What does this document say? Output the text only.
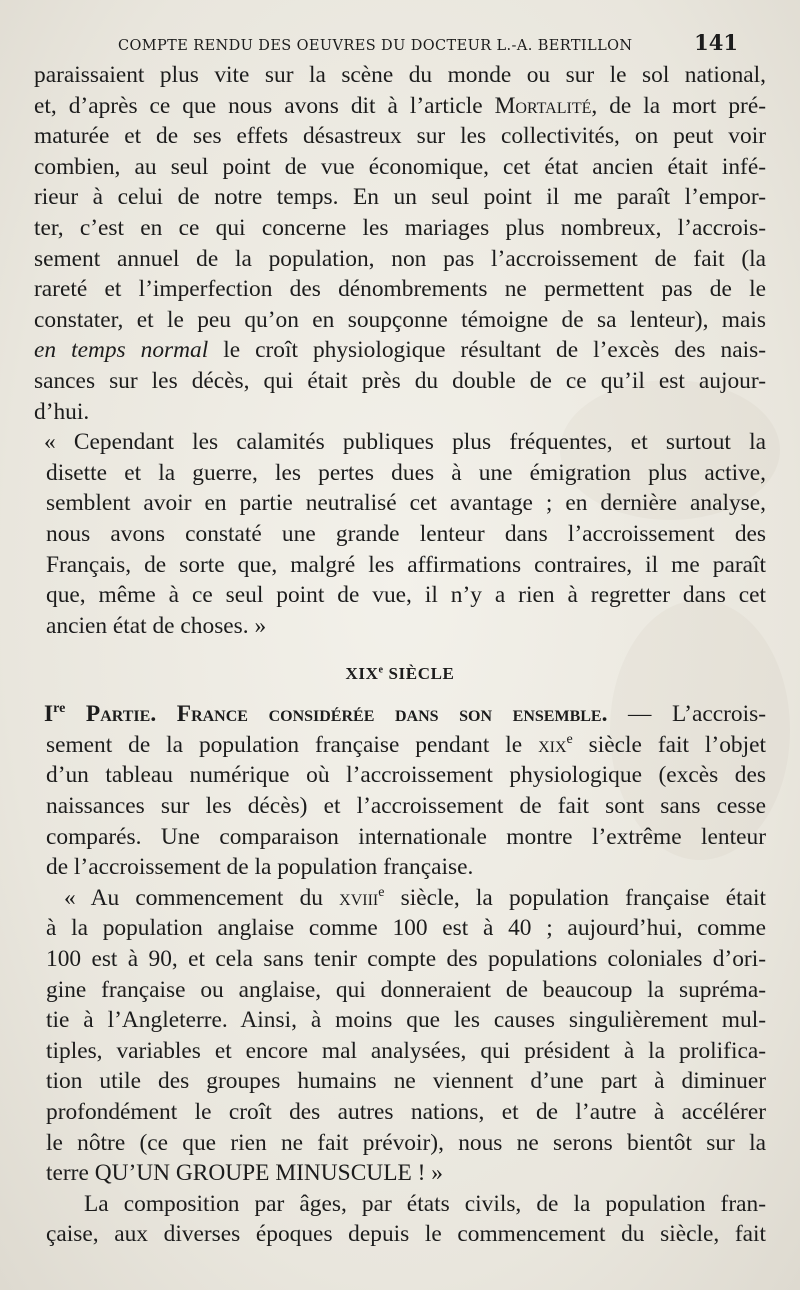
COMPTE RENDU DES OEUVRES DU DOCTEUR L.-A. BERTILLON	141
paraissaient plus vite sur la scène du monde ou sur le sol national,
et, d’après ce que nous avons dit à l’article Mortalité, de la mort pré-
maturée et de ses effets désastreux sur les collectivités, on peut voir
combien, au seul point de vue économique, cet état ancien était infé-
rieur à celui de notre temps. En un seul point il me paraît l’empor-
ter, c’est en ce qui concerne les mariages plus nombreux, l’accrois-
sement annuel de la population, non pas l’accroissement de fait (la
rareté et l’imperfection des dénombrements ne permettent pas de le
constater, et le peu qu’on en soupçonne témoigne de sa lenteur), mais
en temps normal le croît physiologique résultant de l’excès des nais-
sances sur les décès, qui était près du double de ce qu’il est aujour-
d’hui.
« Cependant les calamités publiques plus fréquentes, et surtout la
disette et la guerre, les pertes dues à une émigration plus active,
semblent avoir en partie neutralisé cet avantage ; en dernière analyse,
nous avons constaté une grande lenteur dans l’accroissement des
Français, de sorte que, malgré les affirmations contraires, il me paraît
que, même à ce seul point de vue, il n’y a rien à regretter dans cet
ancien état de choses. »
XIXe SIÈCLE
Ire Partie. France considérée dans son ensemble. — L’accrois-
sement de la population française pendant le xix$^e$ siècle fait l’objet
d’un tableau numérique où l’accroissement physiologique (excès des
naissances sur les décès) et l’accroissement de fait sont sans cesse
comparés. Une comparaison internationale montre l’extrême lenteur
de l’accroissement de la population française.
« Au commencement du xviii$^e$ siècle, la population française était
à la population anglaise comme 100 est à 40 ; aujourd’hui, comme
100 est à 90, et cela sans tenir compte des populations coloniales d’ori-
gine française ou anglaise, qui donneraient de beaucoup la supréma-
tie à l’Angleterre. Ainsi, à moins que les causes singulièrement mul-
tiples, variables et encore mal analysées, qui président à la prolifica-
tion utile des groupes humains ne viennent d’une part à diminuer
profondément le croît des autres nations, et de l’autre à accélérer
le nôtre (ce que rien ne fait prévoir), nous ne serons bientôt sur la
terre QU’UN GROUPE MINUSCULE ! »
La composition par âges, par états civils, de la population fran-
çaise, aux diverses époques depuis le commencement du siècle, fait
